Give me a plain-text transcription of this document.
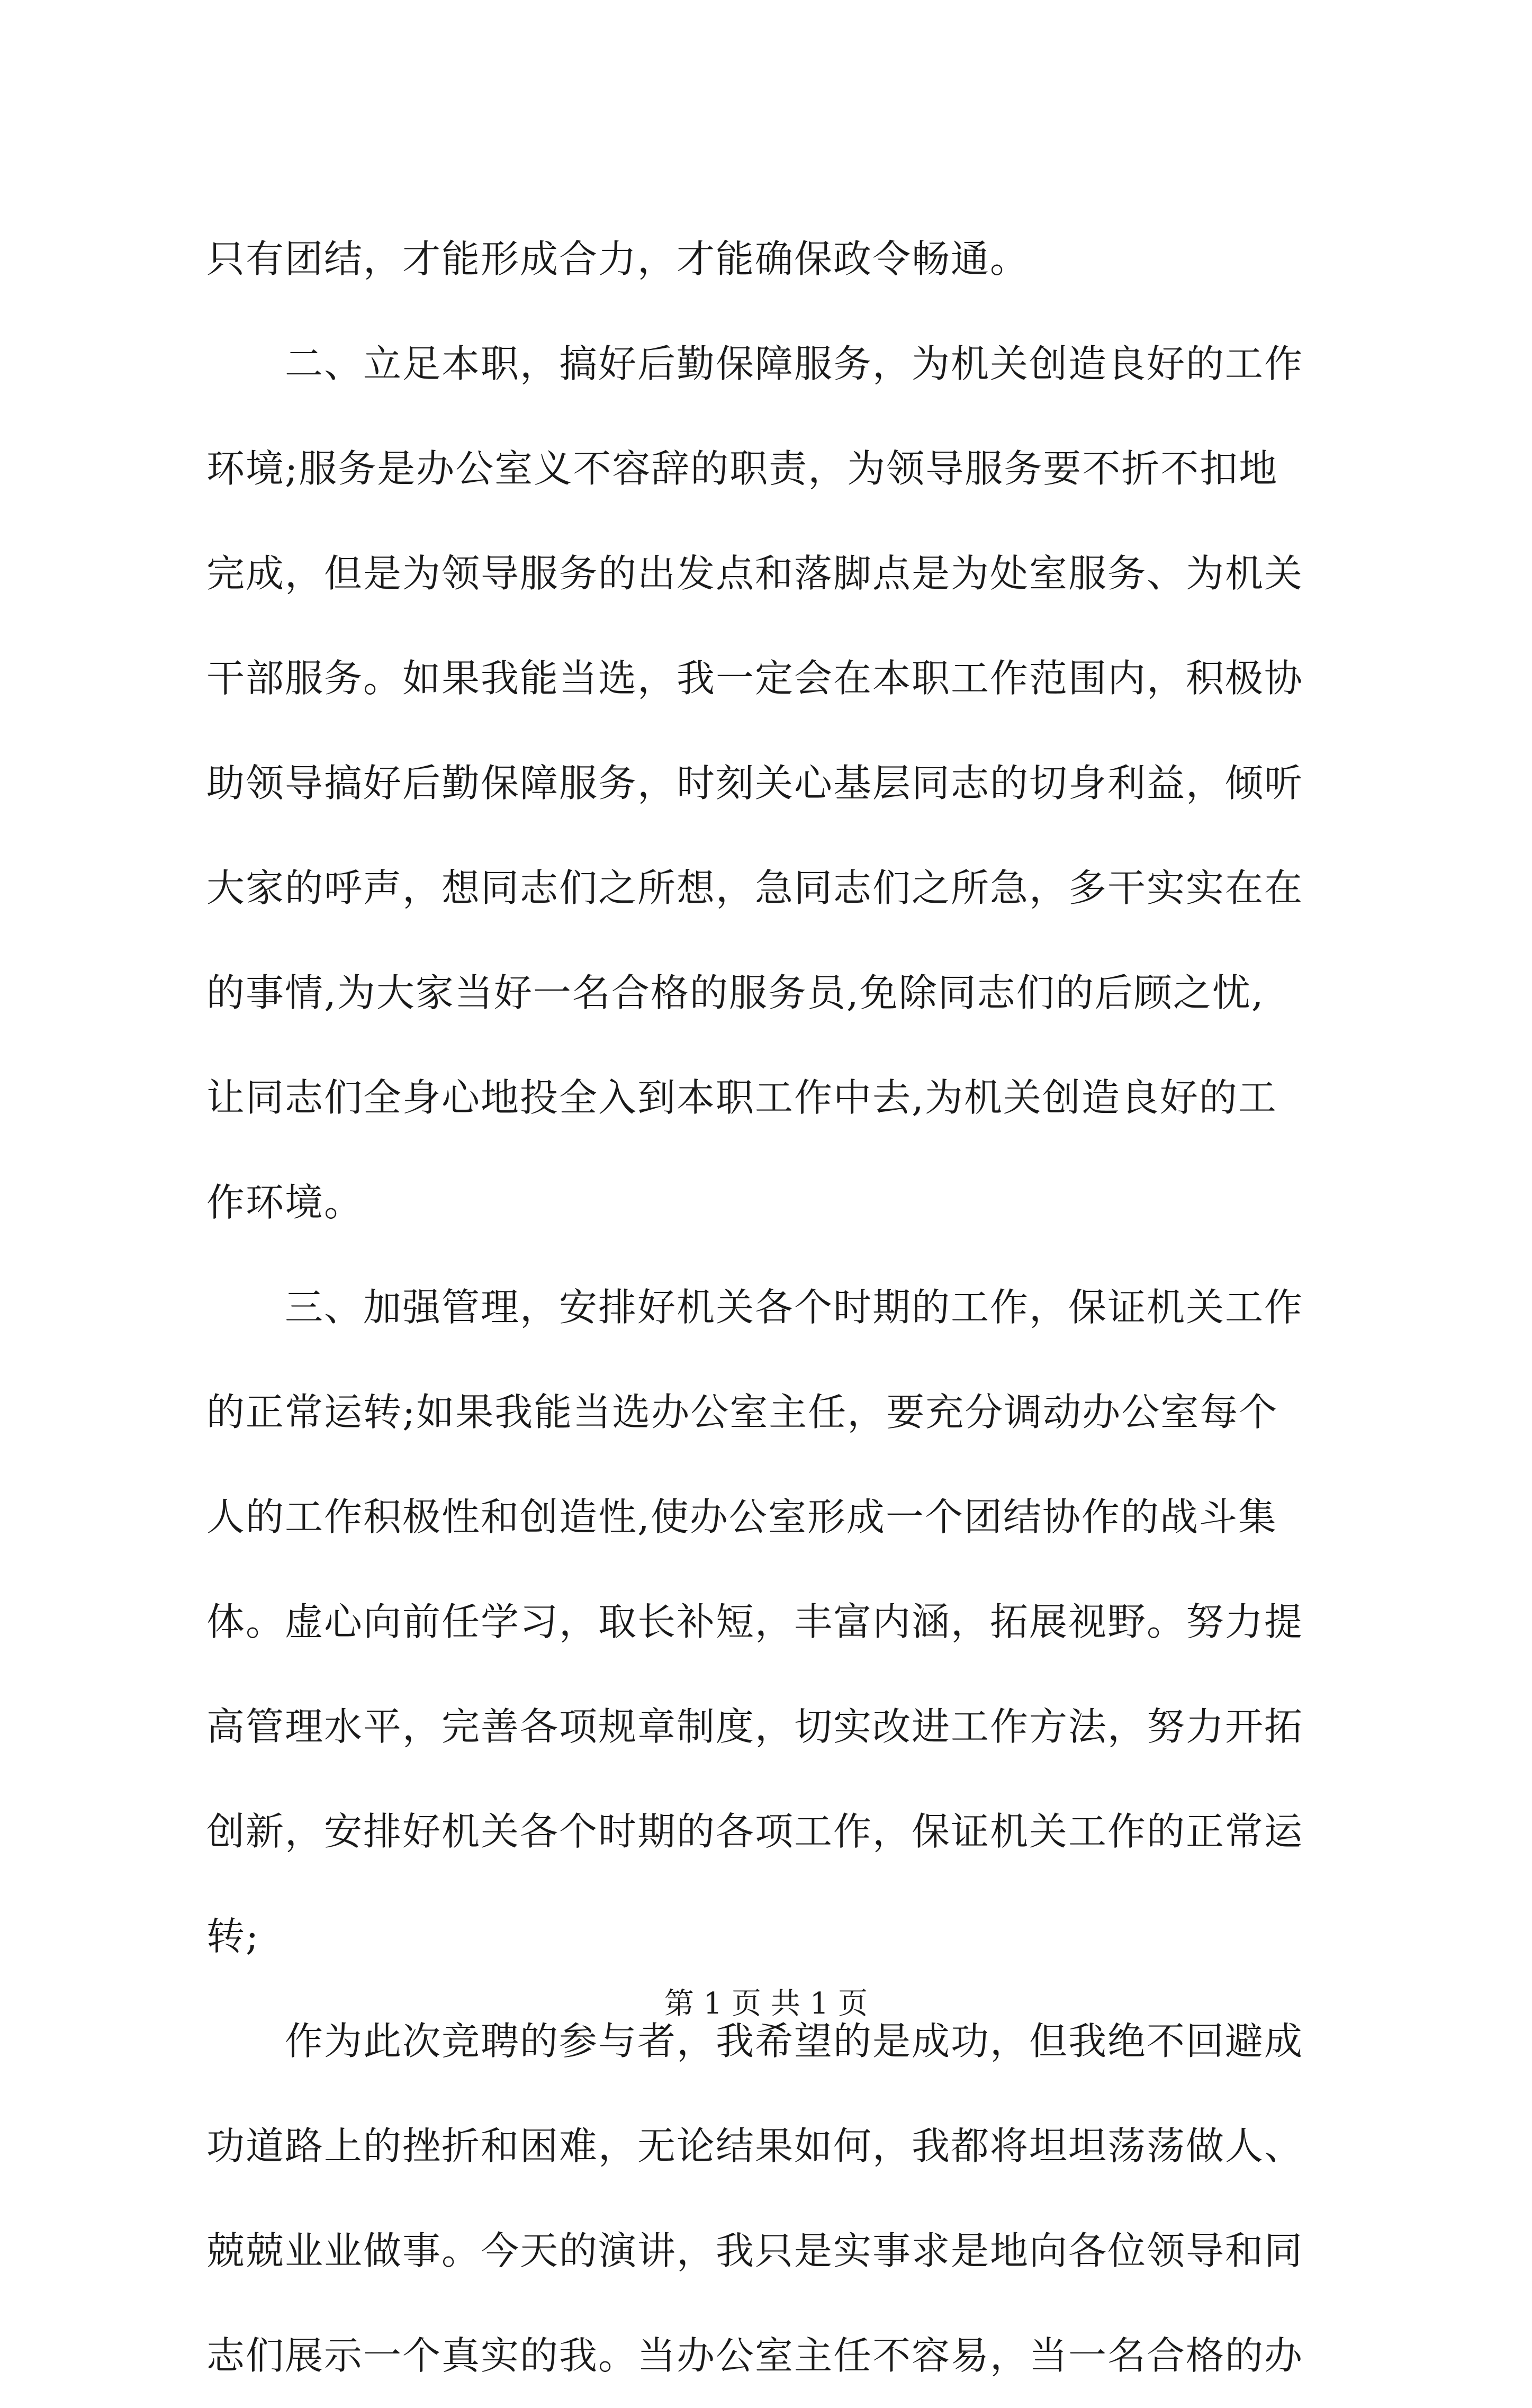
只有团结，才能形成合力，才能确保政令畅通。
　　二、立足本职，搞好后勤保障服务，为机关创造良好的工作
环境;服务是办公室义不容辞的职责，为领导服务要不折不扣地
完成，但是为领导服务的出发点和落脚点是为处室服务、为机关
干部服务。如果我能当选，我一定会在本职工作范围内，积极协
助领导搞好后勤保障服务，时刻关心基层同志的切身利益，倾听
大家的呼声，想同志们之所想，急同志们之所急，多干实实在在
的事情,为大家当好一名合格的服务员,免除同志们的后顾之忧,
让同志们全身心地投全入到本职工作中去,为机关创造良好的工
作环境。
　　三、加强管理，安排好机关各个时期的工作，保证机关工作
的正常运转;如果我能当选办公室主任，要充分调动办公室每个
人的工作积极性和创造性,使办公室形成一个团结协作的战斗集
体。虚心向前任学习，取长补短，丰富内涵，拓展视野。努力提
高管理水平，完善各项规章制度，切实改进工作方法，努力开拓
创新，安排好机关各个时期的各项工作，保证机关工作的正常运
转;
　　作为此次竞聘的参与者，我希望的是成功，但我绝不回避成
功道路上的挫折和困难，无论结果如何，我都将坦坦荡荡做人、
兢兢业业做事。今天的演讲，我只是实事求是地向各位领导和同
志们展示一个真实的我。当办公室主任不容易，当一名合格的办
第 1 页 共 1 页
